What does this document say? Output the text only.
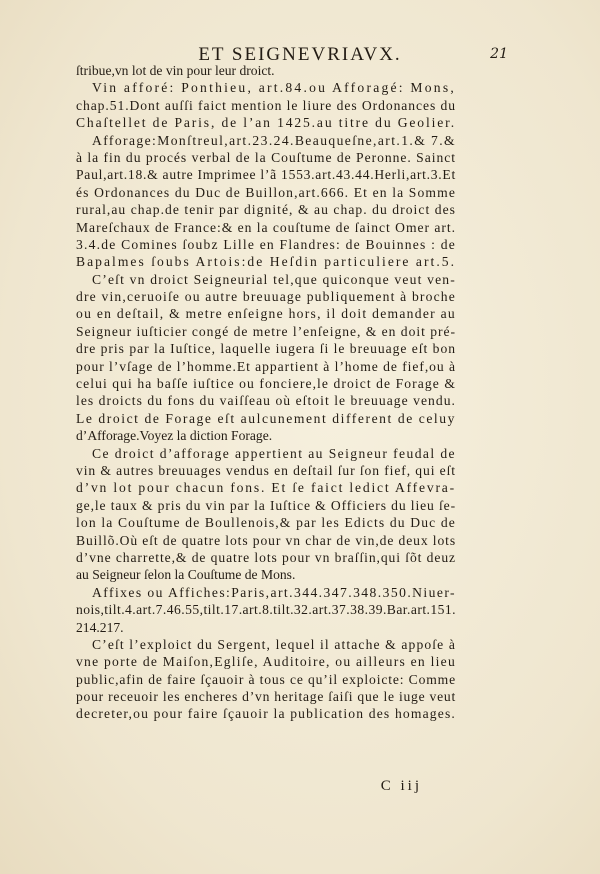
ET SEIGNEVRIAVX.	21
ſtribue,vn lot de vin pour leur droict.
Vin afforé: Ponthieu, art.84.ou Afforagé: Mons,
chap.51.Dont auſſi faict mention le liure des Ordonances du
Chaſtellet de Paris, de l’an 1425.au titre du Geolier.
Afforage:Monſtreul,art.23.24.Beauqueſne,art.1.& 7.&
à la fin du procés verbal de la Couſtume de Peronne. Sainct
Paul,art.18.& autre Imprimee l’ã 1553.art.43.44.Herli,art.3.Et
és Ordonances du Duc de Buillon,art.666. Et en la Somme
rural,au chap.de tenir par dignité, & au chap. du droict des
Mareſchaux de France:& en la couſtume de ſainct Omer art.
3.4.de Comines ſoubz Lille en Flandres: de Bouinnes : de
Bapalmes ſoubs Artois:de Heſdin particuliere art.5.
C’eſt vn droict Seigneurial tel,que quiconque veut ven-
dre vin,ceruoiſe ou autre breuuage publiquement à broche
ou en deſtail, & metre enſeigne hors, il doit demander au
Seigneur iuſticier congé de metre l’enſeigne, & en doit pré-
dre pris par la Iuſtice, laquelle iugera ſi le breuuage eſt bon
pour l’vſage de l’homme.Et appartient à l’home de fief,ou à
celui qui ha baſſe iuſtice ou fonciere,le droict de Forage &
les droicts du fons du vaiſſeau où eſtoit le breuuage vendu.
Le droict de Forage eſt aulcunement different de celuy
d’Afforage.Voyez la diction Forage.
Ce droict d’afforage appertient au Seigneur feudal de
vin & autres breuuages vendus en deſtail ſur ſon fief, qui eſt
d’vn lot pour chacun fons. Et ſe faict ledict Affevra-
ge,le taux & pris du vin par la Iuſtice & Officiers du lieu ſe-
lon la Couſtume de Boullenois,& par les Edicts du Duc de
Buillõ.Où eſt de quatre lots pour vn char de vin,de deux lots
d’vne charrette,& de quatre lots pour vn braſſin,qui ſõt deuz
au Seigneur ſelon la Couſtume de Mons.
Affixes ou Affiches:Paris,art.344.347.348.350.Niuer-
nois,tilt.4.art.7.46.55,tilt.17.art.8.tilt.32.art.37.38.39.Bar.art.151.
214.217.
C’eſt l’exploict du Sergent, lequel il attache & appoſe à
vne porte de Maiſon,Egliſe, Auditoire, ou ailleurs en lieu
public,afin de faire ſçauoir à tous ce qu’il exploicte: Comme
pour receuoir les encheres d’vn heritage ſaiſi que le iuge veut
decreter,ou pour faire ſçauoir la publication des homages.
C iij
